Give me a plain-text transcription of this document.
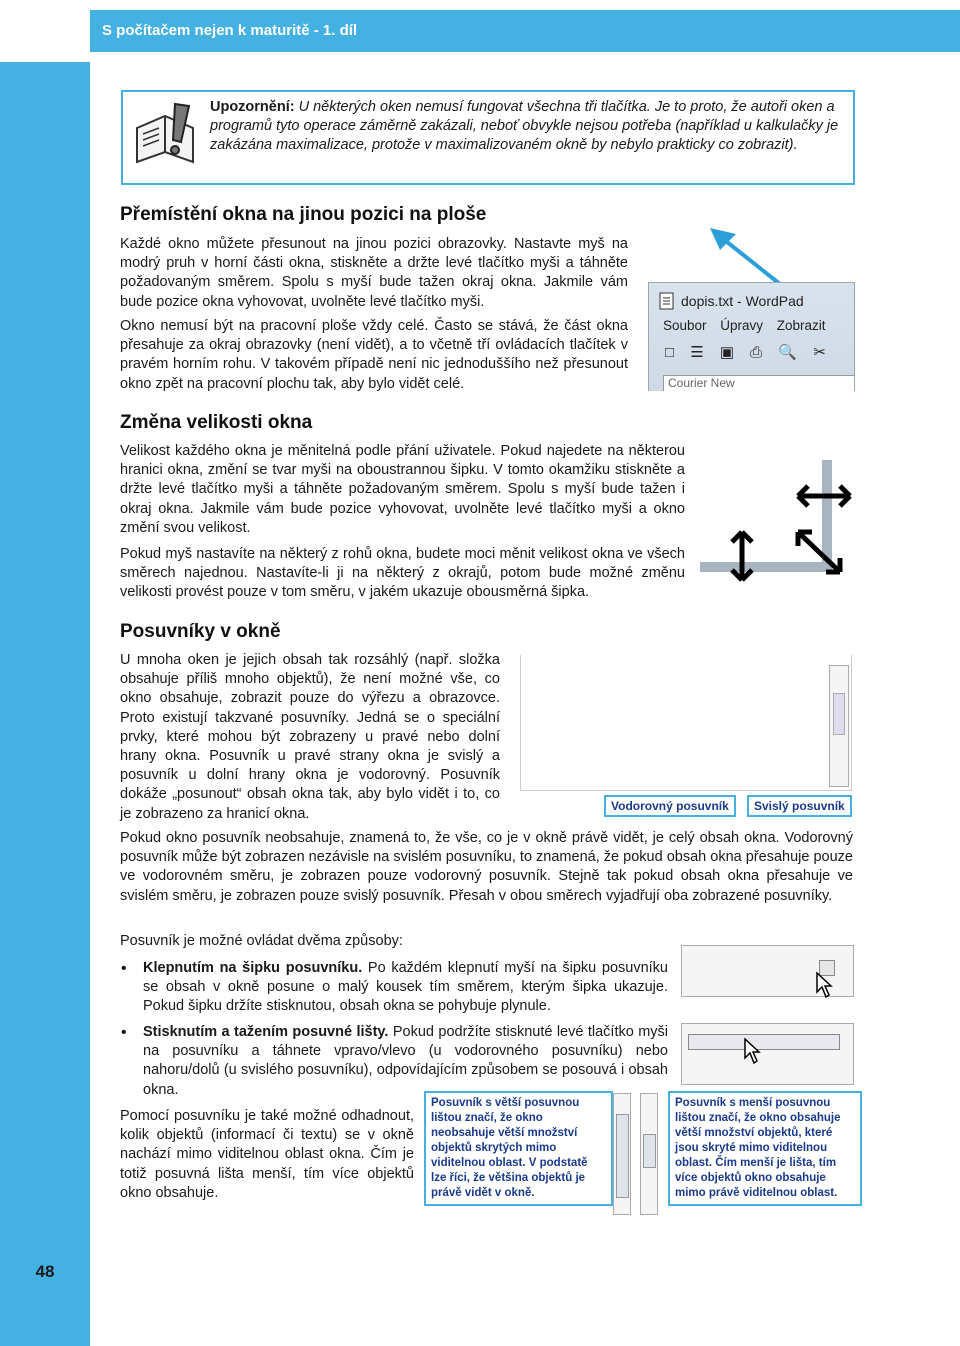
S počítačem nejen k maturitě - 1. díl
48
Upozornění: U některých oken nemusí fungovat všechna tři tlačítka. Je to proto, že autoři oken a programů tyto operace záměrně zakázali, neboť obvykle nejsou potřeba (například u kalkulačky je zakázána maximalizace, protože v maximalizovaném okně by nebylo prakticky co zobrazit).
Přemístění okna na jinou pozici na ploše

Každé okno můžete přesunout na jinou pozici obrazovky. Nastavte myš na modrý pruh v horní části okna, stiskněte a držte levé tlačítko myši a táhněte požadovaným směrem. Spolu s myší bude tažen okraj okna. Jakmile vám bude pozice okna vyhovovat, uvolněte levé tlačítko myši.

Okno nemusí být na pracovní ploše vždy celé. Často se stává, že část okna přesahuje za okraj obrazovky (není vidět), a to včetně tří ovládacích tlačítek v pravém horním rohu. V takovém případě není nic jednoduššího než přesunout okno zpět na pracovní plochu tak, aby bylo vidět celé.

dopis.txt - WordPad
Soubor Úpravy Zobrazit
□ ☰ ▣ ⎙ 🔍 ✂
Courier New
Změna velikosti okna

Velikost každého okna je měnitelná podle přání uživatele. Pokud najedete na některou hranici okna, změní se tvar myši na oboustrannou šipku. V tomto okamžiku stiskněte a držte levé tlačítko myši a táhněte požadovaným směrem. Spolu s myší bude tažen i okraj okna. Jakmile vám bude pozice vyhovovat, uvolněte levé tlačítko myši a okno změní svou velikost.

Pokud myš nastavíte na některý z rohů okna, budete moci měnit velikost okna ve všech směrech najednou. Nastavíte-li ji na některý z okrajů, potom bude možné změnu velikosti provést pouze v tom směru, v jakém ukazuje obousměrná šipka.

Posuvníky v okně

U mnoha oken je jejich obsah tak rozsáhlý (např. složka obsahuje příliš mnoho objektů), že není možné vše, co okno obsahuje, zobrazit pouze do výřezu a obrazovce. Proto existují takzvané posuvníky. Jedná se o speciální prvky, které mohou být zobrazeny u pravé nebo dolní hrany okna. Posuvník u pravé strany okna je svislý a posuvník u dolní hrany okna je vodorovný. Posuvník dokáže „posunout“ obsah okna tak, aby bylo vidět i to, co je zobrazeno za hranicí okna.	Vodorovný posuvník	Svislý posuvník

Pokud okno posuvník neobsahuje, znamená to, že vše, co je v okně právě vidět, je celý obsah okna. Vodorovný posuvník může být zobrazen nezávisle na svislém posuvníku, to znamená, že pokud obsah okna přesahuje pouze ve vodorovném směru, je zobrazen pouze vodorovný posuvník. Stejně tak pokud obsah okna přesahuje ve svislém směru, je zobrazen pouze svislý posuvník. Přesah v obou směrech vyjadřují oba zobrazené posuvníky.

Posuvník je možné ovládat dvěma způsoby:

•	Klepnutím na šipku posuvníku. Po každém klepnutí myší na šipku posuvníku se obsah v okně posune o malý kousek tím směrem, kterým šipka ukazuje. Pokud šipku držíte stisknutou, obsah okna se pohybuje plynule.

•	Stisknutím a tažením posuvné lišty. Pokud podržíte stisknuté levé tlačítko myši na posuvníku a táhnete vpravo/vlevo (u vodorovného posuvníku) nebo nahoru/dolů (u svislého posuvníku), odpovídajícím způsobem se posouvá i obsah okna.

Pomocí posuvníku je také možné odhadnout, kolik objektů (informací či textu) se v okně nachází mimo viditelnou oblast okna. Čím je totiž posuvná lišta menší, tím více objektů okno obsahuje.

Posuvník s větší posuvnou lištou značí, že okno neobsahuje větší množství objektů skrytých mimo viditelnou oblast. V podstatě lze říci, že většina objektů je právě vidět v okně.
Posuvník s menší posuvnou lištou značí, že okno obsahuje větší množství objektů, které jsou skryté mimo viditelnou oblast. Čím menší je lišta, tím více objektů okno obsahuje mimo právě viditelnou oblast.
